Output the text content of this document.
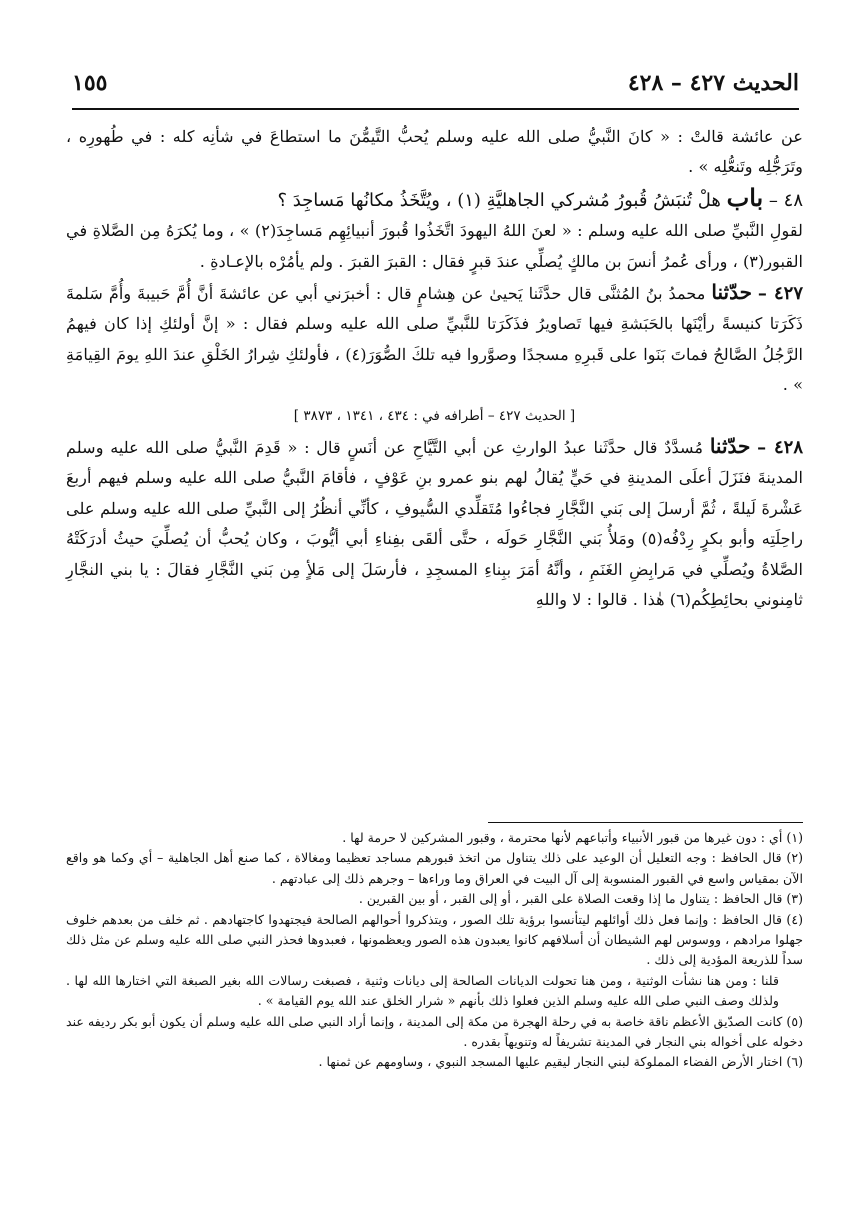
١٥٥	الحديث ٤٢٧ – ٤٢٨

عن عائشة قالتْ : « كانَ النَّبيُّ صلى الله عليه وسلم يُحبُّ التَّيمُّنَ ما استطاعَ في شأنِه كله : في طُهورِه ، وتَرَجُّلِه وتَنعُّلِه » .

٤٨ – باب هلْ تُنبَشُ قُبورُ مُشركي الجاهليَّةِ (١) ، ويُتَّخَذُ مكانُها مَساجِدَ ؟

لقولِ النَّبيِّ صلى الله عليه وسلم : « لعنَ اللهُ اليهودَ اتَّخَذُوا قُبورَ أنبيائِهِم مَساجِدَ(٢) » ، وما يُكرَهُ مِن الصَّلاةِ في القبور(٣) ، ورأى عُمرُ أنسَ بن مالكٍ يُصلِّي عندَ قبرٍ فقال : القبرَ القبرَ . ولم يأمُرْه بالإعـادةِ .

٤٢٧ – حدّثنا محمدُ بنُ المُثنَّى قال حدَّثَنا يَحيىٰ عن هِشامٍ قال : أخبرَني أبي عن عائشةَ أنَّ أُمَّ حَبيبةَ وأُمَّ سَلمةَ ذَكَرَتا كنيسةً رأيْنَها بالحَبَشةِ فيها تَصاويرُ فذَكَرَتا للنَّبيِّ صلى الله عليه وسلم فقال : « إنَّ أولئكِ إذا كان فيهمُ الرَّجُلُ الصَّالحُ فماتَ بَنَوا على قَبرِهِ مسجدًا وصوَّروا فيه تلكَ الصُّوَرَ(٤) ، فأولئكِ شِرارُ الخَلْقِ عندَ اللهِ يومَ القِيامَةِ » .

[ الحديث ٤٢٧ – أطرافه في : ٤٣٤ ، ١٣٤١ ، ٣٨٧٣ ]

٤٢٨ – حدّثنا مُسدَّدٌ قال حدَّثَنا عبدُ الوارثِ عن أبي التَّيَّاحِ عن أنَسٍ قال : « قَدِمَ النَّبيُّ صلى الله عليه وسلم المدينةَ فنَزَلَ أعلَى المدينةِ في حَيٍّ يُقالُ لهم بنو عمرو بنِ عَوْفٍ ، فأقامَ النَّبيُّ صلى الله عليه وسلم فيهم أربعَ عَشْرةَ لَيلةً ، ثُمَّ أرسلَ إلى بَني النَّجَّارِ فجاءُوا مُتَقلِّدي السُّيوفِ ، كأنِّي أنظُرُ إلى النَّبيِّ صلى الله عليه وسلم على راحِلَتِه وأبو بكرٍ رِدْفُه(٥) ومَلأُ بَني النَّجَّارِ حَولَه ، حتَّى ألقَى بفِناءِ أبي أيُّوبَ ، وكان يُحبُّ أن يُصلِّيَ حيثُ أدرَكَتْهُ الصَّلاةُ ويُصلِّي في مَرابِضِ الغَنَمِ ، وأنَّهُ أمَرَ ببِناءِ المسجِدِ ، فأرسَلَ إلى مَلأٍ مِن بَني النَّجَّارِ فقالَ : يا بني النجَّارِ ثامِنوني بحائِطِكُم(٦) هٰذا . قالوا : لا واللهِ

(١) أي : دون غيرها من قبور الأنبياء وأتباعهم لأنها محترمة ، وقبور المشركين لا حرمة لها .

(٢) قال الحافظ : وجه التعليل أن الوعيد على ذلك يتناول من اتخذ قبورهم مساجد تعظيما ومغالاة ، كما صنع أهل الجاهلية – أي وكما هو واقع الآن بمقياس واسع في القبور المنسوبة إلى آل البيت في العراق وما وراءها – وجرهم ذلك إلى عبادتهم .

(٣) قال الحافظ : يتناول ما إذا وقعت الصلاة على القبر ، أو إلى القبر ، أو بين القبرين .

(٤) قال الحافظ : وإنما فعل ذلك أوائلهم ليتأنسوا برؤية تلك الصور ، ويتذكروا أحوالهم الصالحة فيجتهدوا كاجتهادهم . ثم خلف من بعدهم خلوف جهلوا مرادهم ، ووسوس لهم الشيطان أن أسلافهم كانوا يعبدون هذه الصور ويعظمونها ، فعبدوها فحذر النبي صلى الله عليه وسلم عن مثل ذلك سداً للذريعة المؤدية إلى ذلك .

قلنا : ومن هنا نشأت الوثنية ، ومن هنا تحولت الديانات الصالحة إلى ديانات وثنية ، فصبغت رسالات الله بغير الصبغة التي اختارها الله لها . ولذلك وصف النبي صلى الله عليه وسلم الذين فعلوا ذلك بأنهم « شرار الخلق عند الله يوم القيامة » .

(٥) كانت الصدّيق الأعظم ناقة خاصة به في رحلة الهجرة من مكة إلى المدينة ، وإنما أراد النبي صلى الله عليه وسلم أن يكون أبو بكر رديفه عند دخوله على أخواله بني النجار في المدينة تشريفاً له وتنويهاً بقدره .

(٦) اختار الأرض الفضاء المملوكة لبني النجار ليقيم عليها المسجد النبوي ، وساومهم عن ثمنها .
